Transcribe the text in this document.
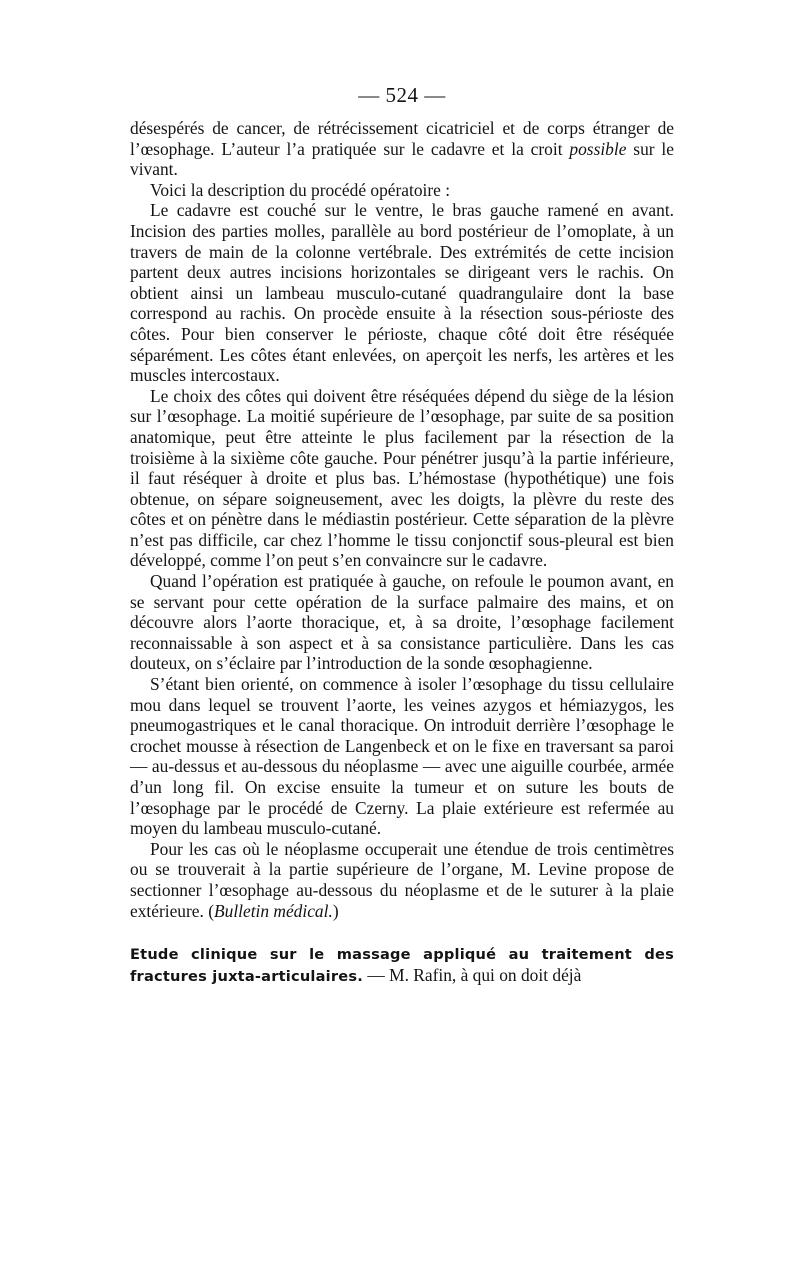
— 524 —

désespérés de cancer, de rétrécissement cicatriciel et de corps étranger de l’œsophage. L’auteur l’a pratiquée sur le cadavre et la croit possible sur le vivant.

Voici la description du procédé opératoire :

Le cadavre est couché sur le ventre, le bras gauche ramené en avant. Incision des parties molles, parallèle au bord postérieur de l’omoplate, à un travers de main de la colonne vertébrale. Des extrémités de cette incision partent deux autres incisions horizontales se dirigeant vers le rachis. On obtient ainsi un lambeau musculo-cutané quadrangulaire dont la base correspond au rachis. On procède ensuite à la résection sous-périoste des côtes. Pour bien conserver le périoste, chaque côté doit être réséquée séparément. Les côtes étant enlevées, on aperçoit les nerfs, les artères et les muscles intercostaux.

Le choix des côtes qui doivent être réséquées dépend du siège de la lésion sur l’œsophage. La moitié supérieure de l’œsophage, par suite de sa position anatomique, peut être atteinte le plus facilement par la résection de la troisième à la sixième côte gauche. Pour pénétrer jusqu’à la partie inférieure, il faut réséquer à droite et plus bas. L’hémostase (hypothétique) une fois obtenue, on sépare soigneusement, avec les doigts, la plèvre du reste des côtes et on pénètre dans le médiastin postérieur. Cette séparation de la plèvre n’est pas difficile, car chez l’homme le tissu conjonctif sous-pleural est bien développé, comme l’on peut s’en convaincre sur le cadavre.

Quand l’opération est pratiquée à gauche, on refoule le poumon avant, en se servant pour cette opération de la surface palmaire des mains, et on découvre alors l’aorte thoracique, et, à sa droite, l’œsophage facilement reconnaissable à son aspect et à sa consistance particulière. Dans les cas douteux, on s’éclaire par l’introduction de la sonde œsophagienne.

S’étant bien orienté, on commence à isoler l’œsophage du tissu cellulaire mou dans lequel se trouvent l’aorte, les veines azygos et hémiazygos, les pneumogastriques et le canal thoracique. On introduit derrière l’œsophage le crochet mousse à résection de Langenbeck et on le fixe en traversant sa paroi — au-dessus et au-dessous du néoplasme — avec une aiguille courbée, armée d’un long fil. On excise ensuite la tumeur et on suture les bouts de l’œsophage par le procédé de Czerny. La plaie extérieure est refermée au moyen du lambeau musculo-cutané.

Pour les cas où le néoplasme occuperait une étendue de trois centimètres ou se trouverait à la partie supérieure de l’organe, M. Levine propose de sectionner l’œsophage au-dessous du néoplasme et de le suturer à la plaie extérieure. (Bulletin médical.)

Etude clinique sur le massage appliqué au traitement des fractures juxta-articulaires. — M. Rafin, à qui on doit déjà
